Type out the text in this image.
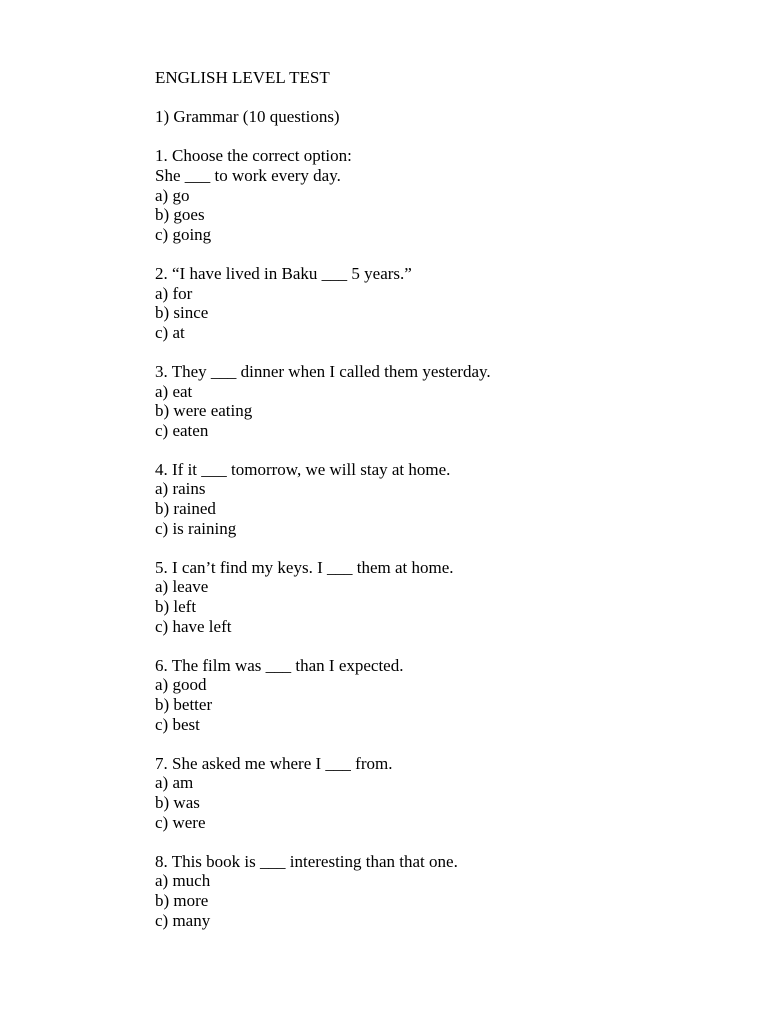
ENGLISH LEVEL TEST
1) Grammar (10 questions)
1. Choose the correct option:
She ___ to work every day.
a) go
b) goes
c) going
2. “I have lived in Baku ___ 5 years.”
a) for
b) since
c) at
3. They ___ dinner when I called them yesterday.
a) eat
b) were eating
c) eaten
4. If it ___ tomorrow, we will stay at home.
a) rains
b) rained
c) is raining
5. I can’t find my keys. I ___ them at home.
a) leave
b) left
c) have left
6. The film was ___ than I expected.
a) good
b) better
c) best
7. She asked me where I ___ from.
a) am
b) was
c) were
8. This book is ___ interesting than that one.
a) much
b) more
c) many
